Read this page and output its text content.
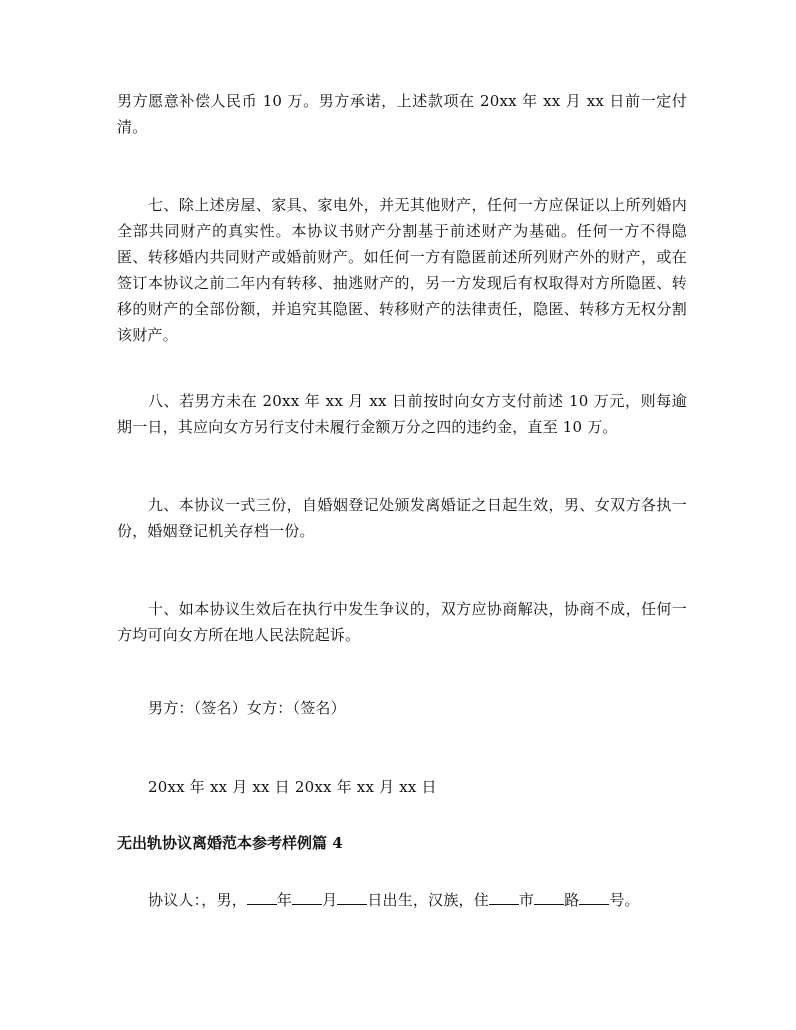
男方愿意补偿人民币 10 万。男方承诺，上述款项在 20xx 年 xx 月 xx 日前一定付清。

七、除上述房屋、家具、家电外，并无其他财产，任何一方应保证以上所列婚内全部共同财产的真实性。本协议书财产分割基于前述财产为基础。任何一方不得隐匿、转移婚内共同财产或婚前财产。如任何一方有隐匿前述所列财产外的财产，或在签订本协议之前二年内有转移、抽逃财产的，另一方发现后有权取得对方所隐匿、转移的财产的全部份额，并追究其隐匿、转移财产的法律责任，隐匿、转移方无权分割该财产。

八、若男方未在 20xx 年 xx 月 xx 日前按时向女方支付前述 10 万元，则每逾期一日，其应向女方另行支付未履行金额万分之四的违约金，直至 10 万。

九、本协议一式三份，自婚姻登记处颁发离婚证之日起生效，男、女双方各执一份，婚姻登记机关存档一份。

十、如本协议生效后在执行中发生争议的，双方应协商解决，协商不成，任何一方均可向女方所在地人民法院起诉。

男方：（签名）女方：（签名）

20xx 年 xx 月 xx 日 20xx 年 xx 月 xx 日

无出轨协议离婚范本参考样例篇 4

协议人：，男， 年 月 日出生，汉族，住 市 路 号。
